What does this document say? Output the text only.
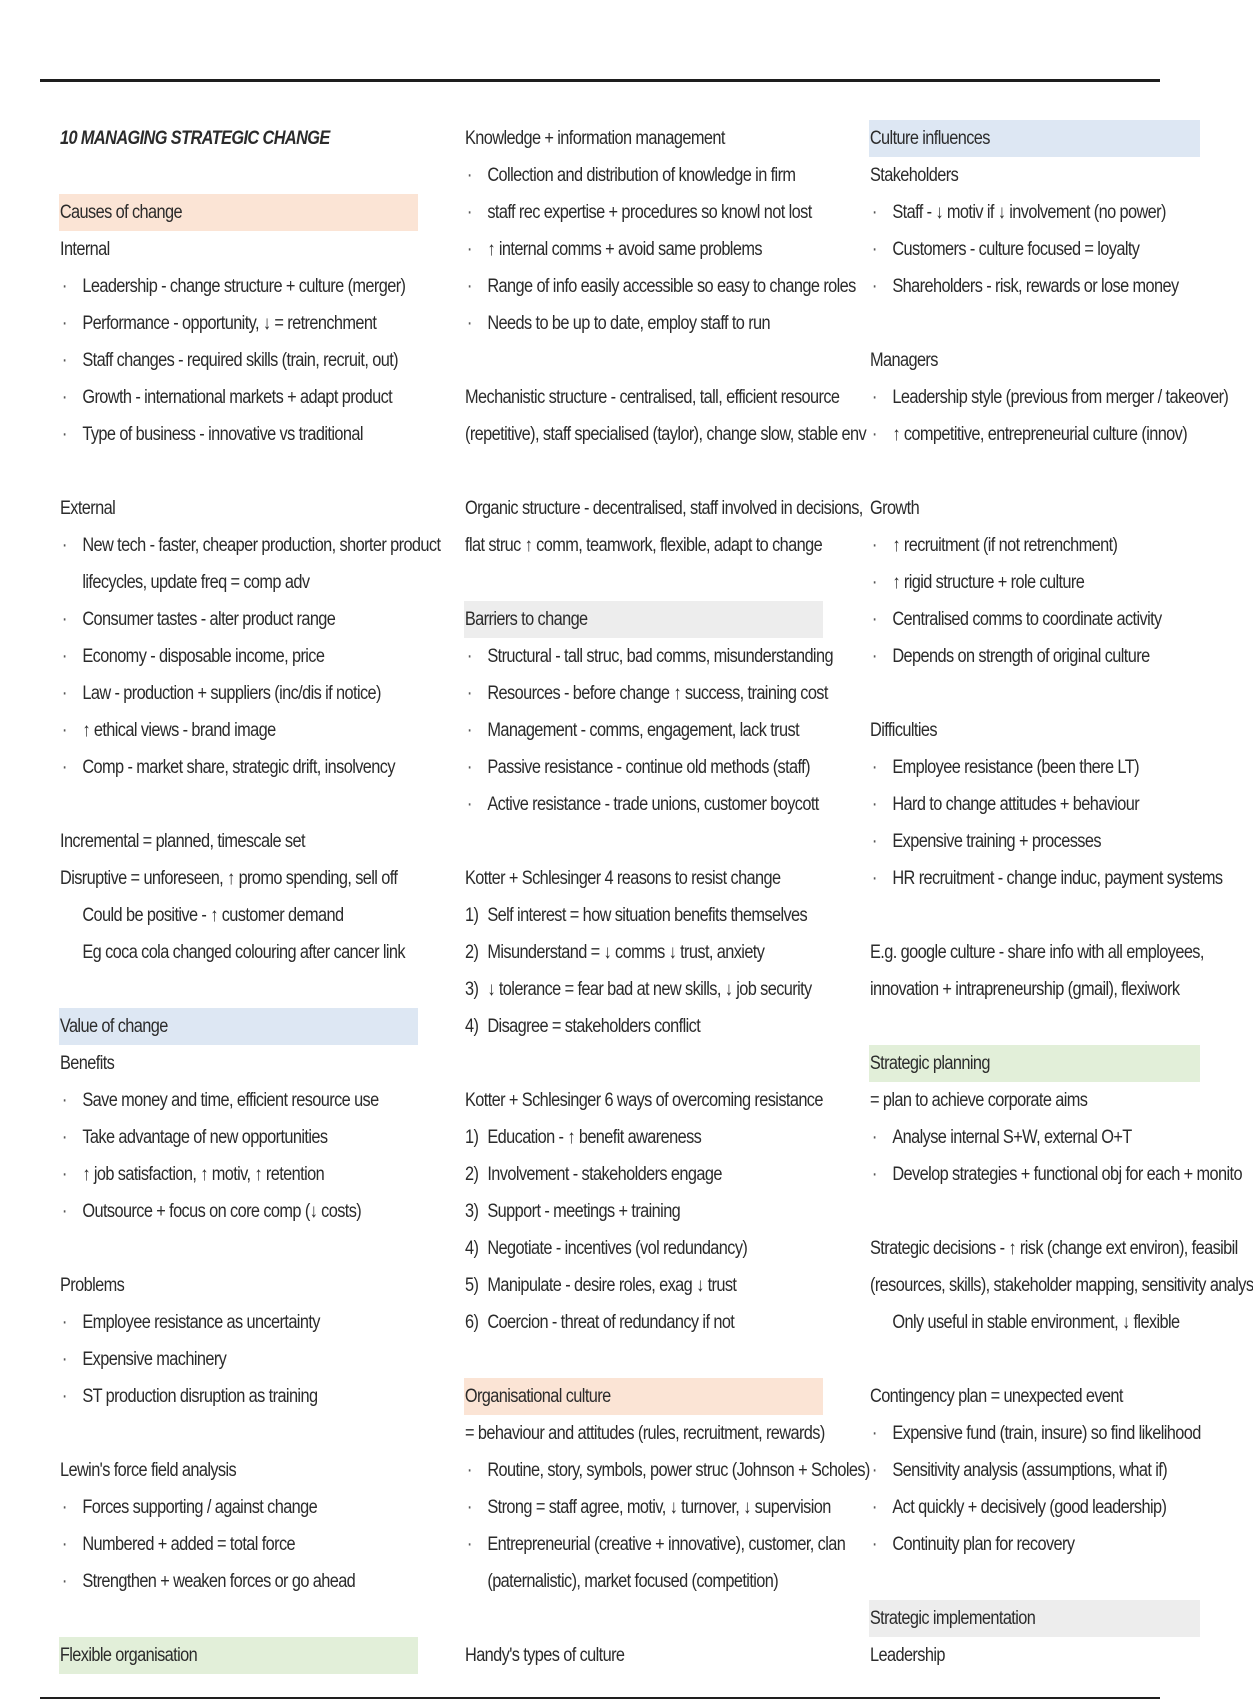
10 MANAGING STRATEGIC CHANGE
Causes of change
Internal
· Leadership - change structure + culture (merger)
· Performance - opportunity, ↓ = retrenchment
· Staff changes - required skills (train, recruit, out)
· Growth - international markets + adapt product
· Type of business - innovative vs traditional
External
· New tech - faster, cheaper production, shorter product
lifecycles, update freq = comp adv
· Consumer tastes - alter product range
· Economy - disposable income, price
· Law - production + suppliers (inc/dis if notice)
· ↑ ethical views - brand image
· Comp - market share, strategic drift, insolvency
Incremental = planned, timescale set
Disruptive = unforeseen, ↑ promo spending, sell off
Could be positive - ↑ customer demand
Eg coca cola changed colouring after cancer link
Value of change
Benefits
· Save money and time, efficient resource use
· Take advantage of new opportunities
· ↑ job satisfaction, ↑ motiv, ↑ retention
· Outsource + focus on core comp (↓ costs)
Problems
· Employee resistance as uncertainty
· Expensive machinery
· ST production disruption as training
Lewin's force field analysis
· Forces supporting / against change
· Numbered + added = total force
· Strengthen + weaken forces or go ahead
Flexible organisation
Knowledge + information management
· Collection and distribution of knowledge in firm
· staff rec expertise + procedures so knowl not lost
· ↑ internal comms + avoid same problems
· Range of info easily accessible so easy to change roles
· Needs to be up to date, employ staff to run
Mechanistic structure - centralised, tall, efficient resource
(repetitive), staff specialised (taylor), change slow, stable env
Organic structure - decentralised, staff involved in decisions,
flat struc ↑ comm, teamwork, flexible, adapt to change
Barriers to change
· Structural - tall struc, bad comms, misunderstanding
· Resources - before change ↑ success, training cost
· Management - comms, engagement, lack trust
· Passive resistance - continue old methods (staff)
· Active resistance - trade unions, customer boycott
Kotter + Schlesinger 4 reasons to resist change
1) Self interest = how situation benefits themselves
2) Misunderstand = ↓ comms ↓ trust, anxiety
3) ↓ tolerance = fear bad at new skills, ↓ job security
4) Disagree = stakeholders conflict
Kotter + Schlesinger 6 ways of overcoming resistance
1) Education - ↑ benefit awareness
2) Involvement - stakeholders engage
3) Support - meetings + training
4) Negotiate - incentives (vol redundancy)
5) Manipulate - desire roles, exag ↓ trust
6) Coercion - threat of redundancy if not
Organisational culture
= behaviour and attitudes (rules, recruitment, rewards)
· Routine, story, symbols, power struc (Johnson + Scholes)
· Strong = staff agree, motiv, ↓ turnover, ↓ supervision
· Entrepreneurial (creative + innovative), customer, clan
(paternalistic), market focused (competition)
Handy's types of culture
Culture influences
Stakeholders
· Staff - ↓ motiv if ↓ involvement (no power)
· Customers - culture focused = loyalty
· Shareholders - risk, rewards or lose money
Managers
· Leadership style (previous from merger / takeover)
· ↑ competitive, entrepreneurial culture (innov)
Growth
· ↑ recruitment (if not retrenchment)
· ↑ rigid structure + role culture
· Centralised comms to coordinate activity
· Depends on strength of original culture
Difficulties
· Employee resistance (been there LT)
· Hard to change attitudes + behaviour
· Expensive training + processes
· HR recruitment - change induc, payment systems
E.g. google culture - share info with all employees,
innovation + intrapreneurship (gmail), flexiwork
Strategic planning
= plan to achieve corporate aims
· Analyse internal S+W, external O+T
· Develop strategies + functional obj for each + monito
Strategic decisions - ↑ risk (change ext environ), feasibil
(resources, skills), stakeholder mapping, sensitivity analys
Only useful in stable environment, ↓ flexible
Contingency plan = unexpected event
· Expensive fund (train, insure) so find likelihood
· Sensitivity analysis (assumptions, what if)
· Act quickly + decisively (good leadership)
· Continuity plan for recovery
Strategic implementation
Leadership
